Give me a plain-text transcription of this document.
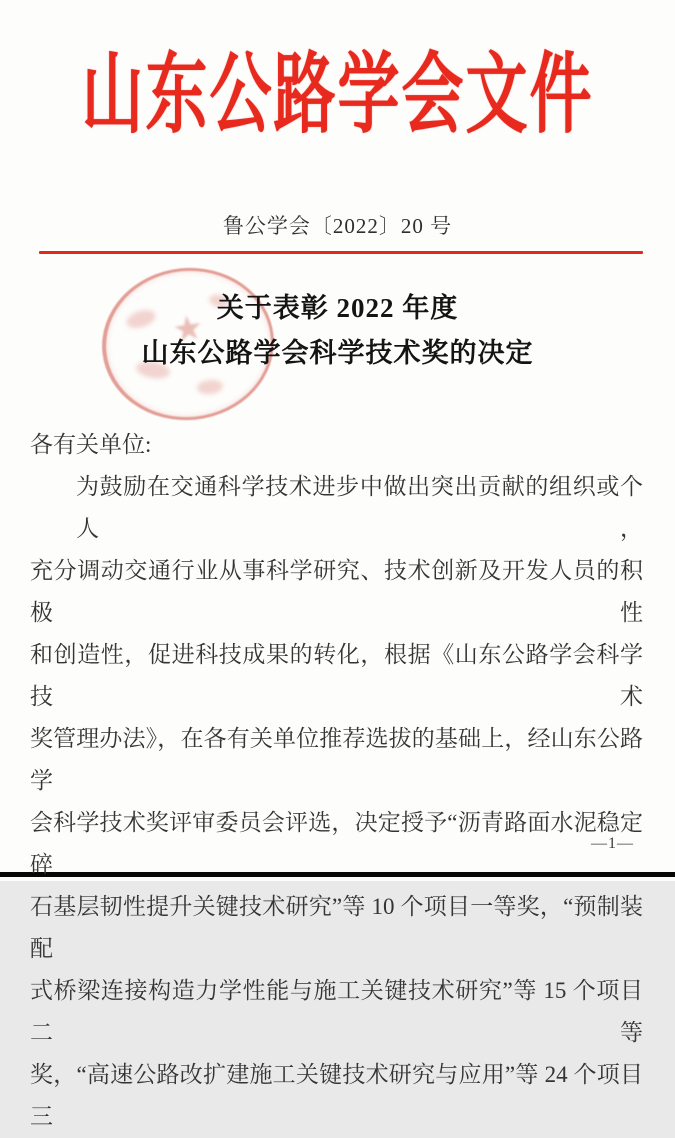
山东公路学会文件
鲁公学会〔2022〕20 号
★
关于表彰 2022 年度
山东公路学会科学技术奖的决定
各有关单位:
为鼓励在交通科学技术进步中做出突出贡献的组织或个人，
充分调动交通行业从事科学研究、技术创新及开发人员的积极性
和创造性，促进科技成果的转化，根据《山东公路学会科学技术
奖管理办法》，在各有关单位推荐选拔的基础上，经山东公路学
会科学技术奖评审委员会评选，决定授予“沥青路面水泥稳定碎
石基层韧性提升关键技术研究”等 10 个项目一等奖，“预制装配
式桥梁连接构造力学性能与施工关键技术研究”等 15 个项目二等
奖，“高速公路改扩建施工关键技术研究与应用”等 24 个项目三
—1—
